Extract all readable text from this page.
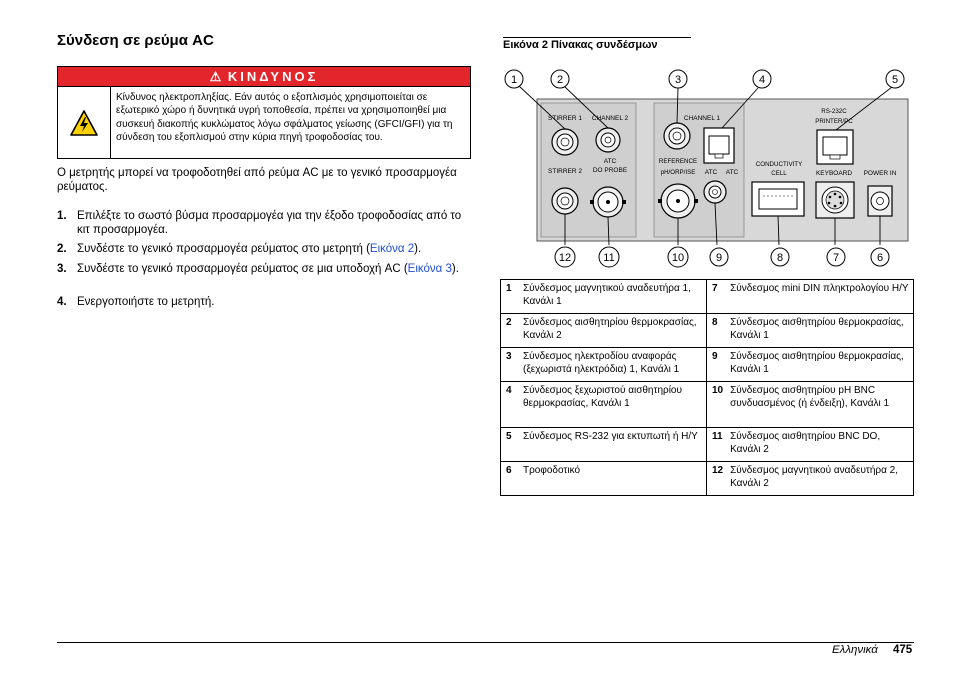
Σύνδεση σε ρεύμα AC
⚠ ΚΙΝΔΥΝΟΣ
Κίνδυνος ηλεκτροπληξίας. Εάν αυτός ο εξοπλισμός χρησιμοποιείται σε εξωτερικό χώρο ή δυνητικά υγρή τοποθεσία, πρέπει να χρησιμοποιηθεί μια συσκευή διακοπής κυκλώματος λόγω σφάλματος γείωσης (GFCI/GFI) για τη σύνδεση του εξοπλισμού στην κύρια πηγή τροφοδοσίας του.
Ο μετρητής μπορεί να τροφοδοτηθεί από ρεύμα AC με το γενικό προσαρμογέα ρεύματος.
1. Επιλέξτε το σωστό βύσμα προσαρμογέα για την έξοδο τροφοδοσίας από το κιτ προσαρμογέα.
2. Συνδέστε το γενικό προσαρμογέα ρεύματος στο μετρητή (Εικόνα 2).
3. Συνδέστε το γενικό προσαρμογέα ρεύματος σε μια υποδοχή AC (Εικόνα 3).
4. Ενεργοποιήστε το μετρητή.
Εικόνα 2 Πίνακας συνδέσμων
STIRRER 1
STIRRER 2
CHANNEL 2
ATC
DO PROBE
CHANNEL 1
REFERENCE
pH/ORP/ISE ATC ATC
CONDUCTIVITY
CELL
RS-232C
PRINTER/PC
KEYBOARD POWER IN
1	2	3	4	5
12	11	10	9	8	7	6
1	Σύνδεσμος μαγνητικού αναδευτήρα 1, Κανάλι 1	7	Σύνδεσμος mini DIN πληκτρολογίου Η/Υ
2	Σύνδεσμος αισθητηρίου θερμοκρασίας, Κανάλι 2	8	Σύνδεσμος αισθητηρίου θερμοκρασίας, Κανάλι 1
3	Σύνδεσμος ηλεκτροδίου αναφοράς (ξεχωριστά ηλεκτρόδια) 1, Κανάλι 1	9	Σύνδεσμος αισθητηρίου θερμοκρασίας, Κανάλι 1
4	Σύνδεσμος ξεχωριστού αισθητηρίου θερμοκρασίας, Κανάλι 1	10	Σύνδεσμος αισθητηρίου pH BNC συνδυασμένος (ή ένδειξη), Κανάλι 1
5	Σύνδεσμος RS-232 για εκτυπωτή ή Η/Υ	11	Σύνδεσμος αισθητηρίου BNC DO, Κανάλι 2
6	Τροφοδοτικό	12	Σύνδεσμος μαγνητικού αναδευτήρα 2, Κανάλι 2
Ελληνικά 475
